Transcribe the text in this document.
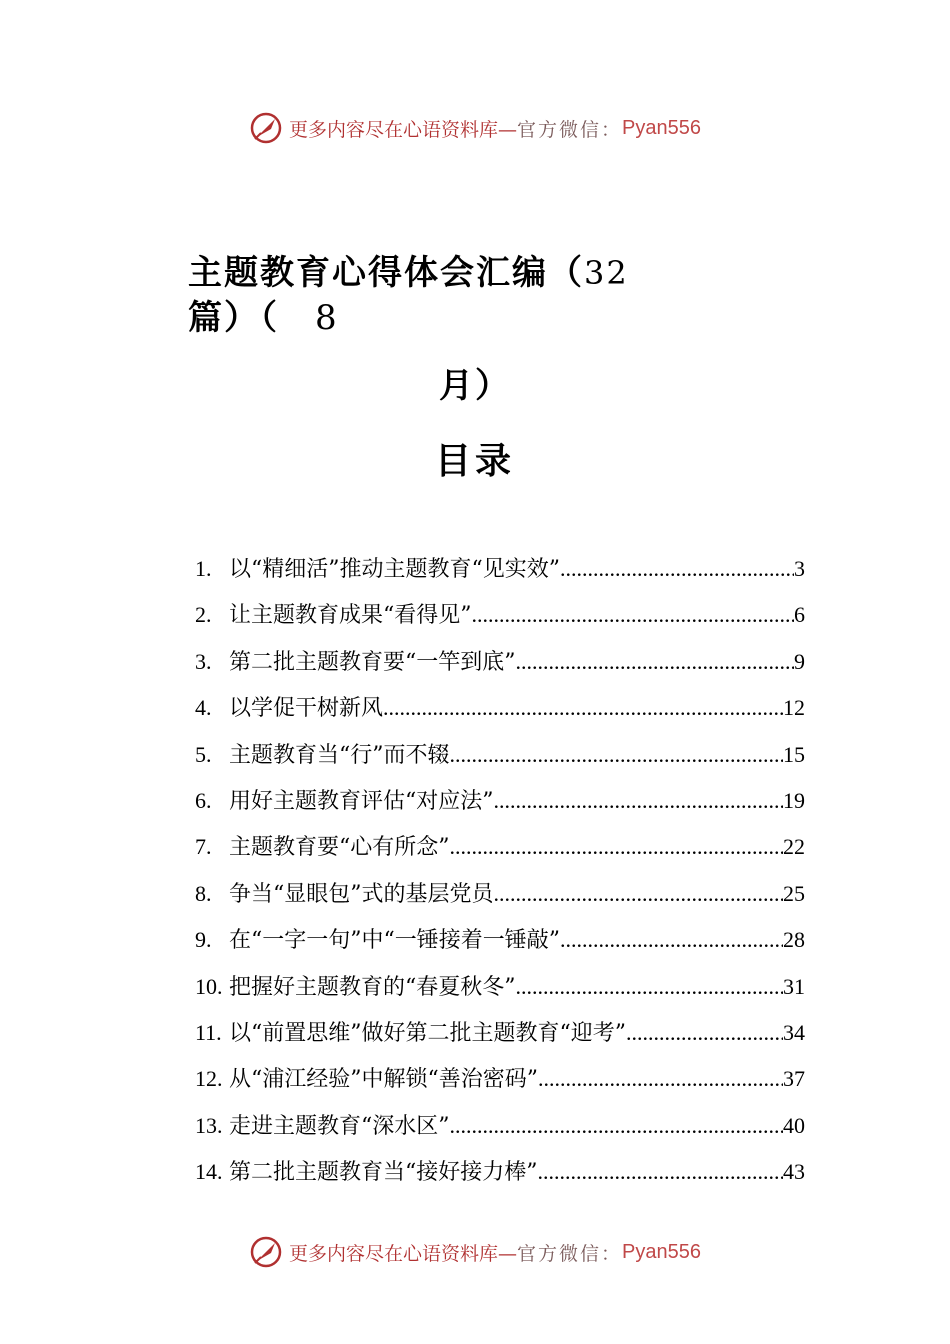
更多内容尽在心语资料库— 官方微信： Pyan556
主题教育心得体会汇编（32
篇）（ 8
月）
目录
1. 以“精细活”推动主题教育“见实效” .....	3
2. 让主题教育成果“看得见” .....	6
3. 第二批主题教育要“一竿到底” .....	9
4. 以学促干树新风 .....	12
5. 主题教育当“行”而不辍 .....	15
6. 用好主题教育评估“对应法” .....	19
7. 主题教育要“心有所念” .....	22
8. 争当“显眼包”式的基层党员 .....	25
9. 在“一字一句”中“一锤接着一锤敲” .....	28
10. 把握好主题教育的“春夏秋冬” .....	31
11. 以“前置思维”做好第二批主题教育“迎考” .....	34
12. 从“浦江经验”中解锁“善治密码” .....	37
13. 走进主题教育“深水区” .....	40
14. 第二批主题教育当“接好接力棒” .....	43
更多内容尽在心语资料库— 官方微信： Pyan556
